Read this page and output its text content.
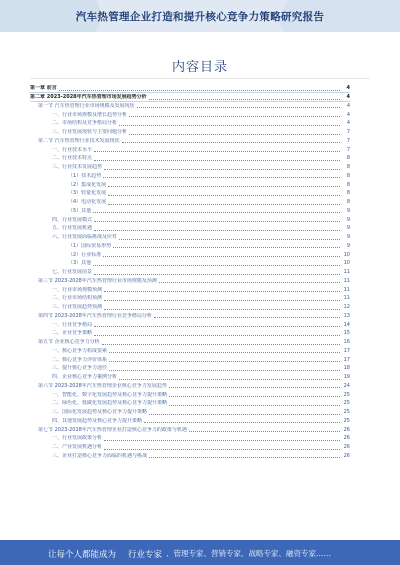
汽车热管理企业打造和提升核心竞争力策略研究报告
内容目录
第一章 前言	4
第二章 2023-2028年汽车热管理市场发展趋势分析	4
第一节 汽车热管理行业市场规模及发展现状	4
一、行业市场规模及增长趋势分析	4
二、市场结构及竞争格局分析	4
三、行业发展现状与主要问题分析	7
第二节 汽车热管理行业技术发展现状	7
一、行业技术水平	7
二、行业技术特点	8
三、行业技术发展趋势	8
（1）技术趋势	8
（2）集成化发展	8
（3）轻量化发展	8
（4）电动化发展	8
（5）其他	9
四、行业发展模式	9
五、行业发展机遇	9
六、行业发展面临挑战及应对	9
（1）国际贸易形势	9
（2）行业标准	10
（3）其他	10
七、行业发展前景	11
第三节 2023-2028年汽车热管理行业市场规模及预测	11
一、行业市场规模预测	11
二、行业市场结构预测	11
三、行业发展趋势预测	12
第四节 2023-2028年汽车热管理行业竞争格局分析	13
一、行业竞争格局	14
二、企业竞争策略	15
第五节 企业核心竞争力分析	16
一、核心竞争力构成要素	17
二、核心竞争力评价体系	17
三、提升核心竞争力途径	18
四、企业核心竞争力案例分析	19
第六节 2023-2028年汽车热管理企业核心竞争力发展趋势	24
一、智能化、数字化发展趋势及核心竞争力提升策略	25
二、绿色化、低碳化发展趋势及核心竞争力提升策略	25
三、国际化发展趋势及核心竞争力提升策略	25
四、其他发展趋势及核心竞争力提升策略	25
第七节 2023-2028年汽车热管理企业打造核心竞争力的政策与机遇	26
一、行业发展政策分析	26
二、产业发展机遇分析	26
三、企业打造核心竞争力面临的机遇与挑战	26
让每个人都能成为 行业专家 、管理专家、营销专家、战略专家、融资专家……
